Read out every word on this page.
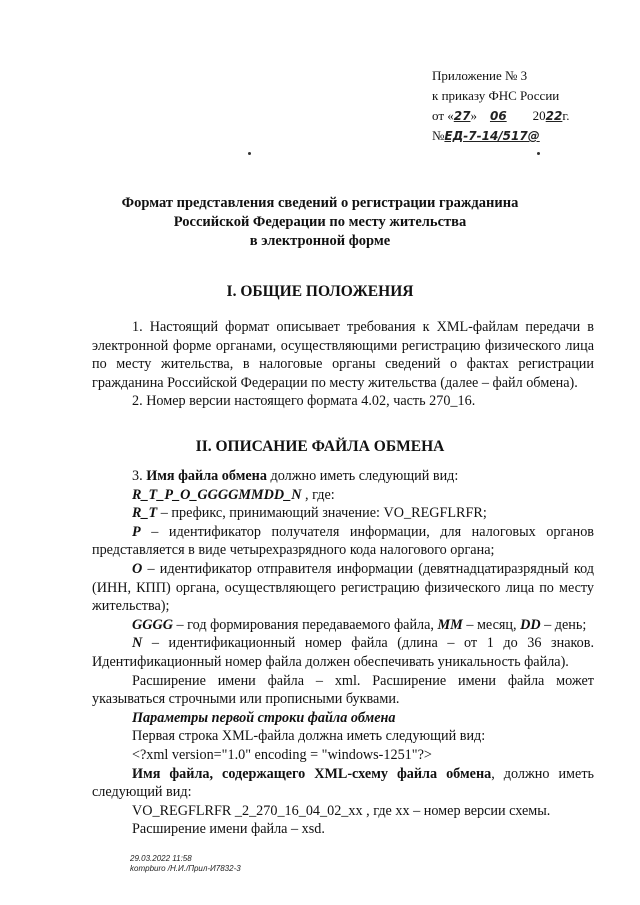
Приложение № 3
к приказу ФНС России
от «27» 06 2022г.
№ЕД-7-14/517@
Формат представления сведений о регистрации гражданина
Российской Федерации по месту жительства
в электронной форме
I. ОБЩИЕ ПОЛОЖЕНИЯ

1. Настоящий формат описывает требования к XML-файлам передачи в электронной форме органами, осуществляющими регистрацию физического лица по месту жительства, в налоговые органы сведений о фактах регистрации гражданина Российской Федерации по месту жительства (далее – файл обмена).

2. Номер версии настоящего формата 4.02, часть 270_16.

II. ОПИСАНИЕ ФАЙЛА ОБМЕНА

3. Имя файла обмена должно иметь следующий вид:

R_T_P_O_GGGGMMDD_N , где:

R_T – префикс, принимающий значение: VO_REGFLRFR;

P – идентификатор получателя информации, для налоговых органов представляется в виде четырехразрядного кода налогового органа;

O – идентификатор отправителя информации (девятнадцатиразрядный код (ИНН, КПП) органа, осуществляющего регистрацию физического лица по месту жительства);

GGGG – год формирования передаваемого файла, MM – месяц, DD – день;

N – идентификационный номер файла (длина – от 1 до 36 знаков. Идентификационный номер файла должен обеспечивать уникальность файла).

Расширение имени файла – xml. Расширение имени файла может указываться строчными или прописными буквами.

Параметры первой строки файла обмена

Первая строка XML-файла должна иметь следующий вид:

<?xml version="1.0" encoding = "windows-1251"?>

Имя файла, содержащего XML-схему файла обмена, должно иметь следующий вид:

VO_REGFLRFR _2_270_16_04_02_xx , где xx – номер версии схемы.

Расширение имени файла – xsd.

29.03.2022 11:58
kompburo /Н.И./Прил-И7832-3
